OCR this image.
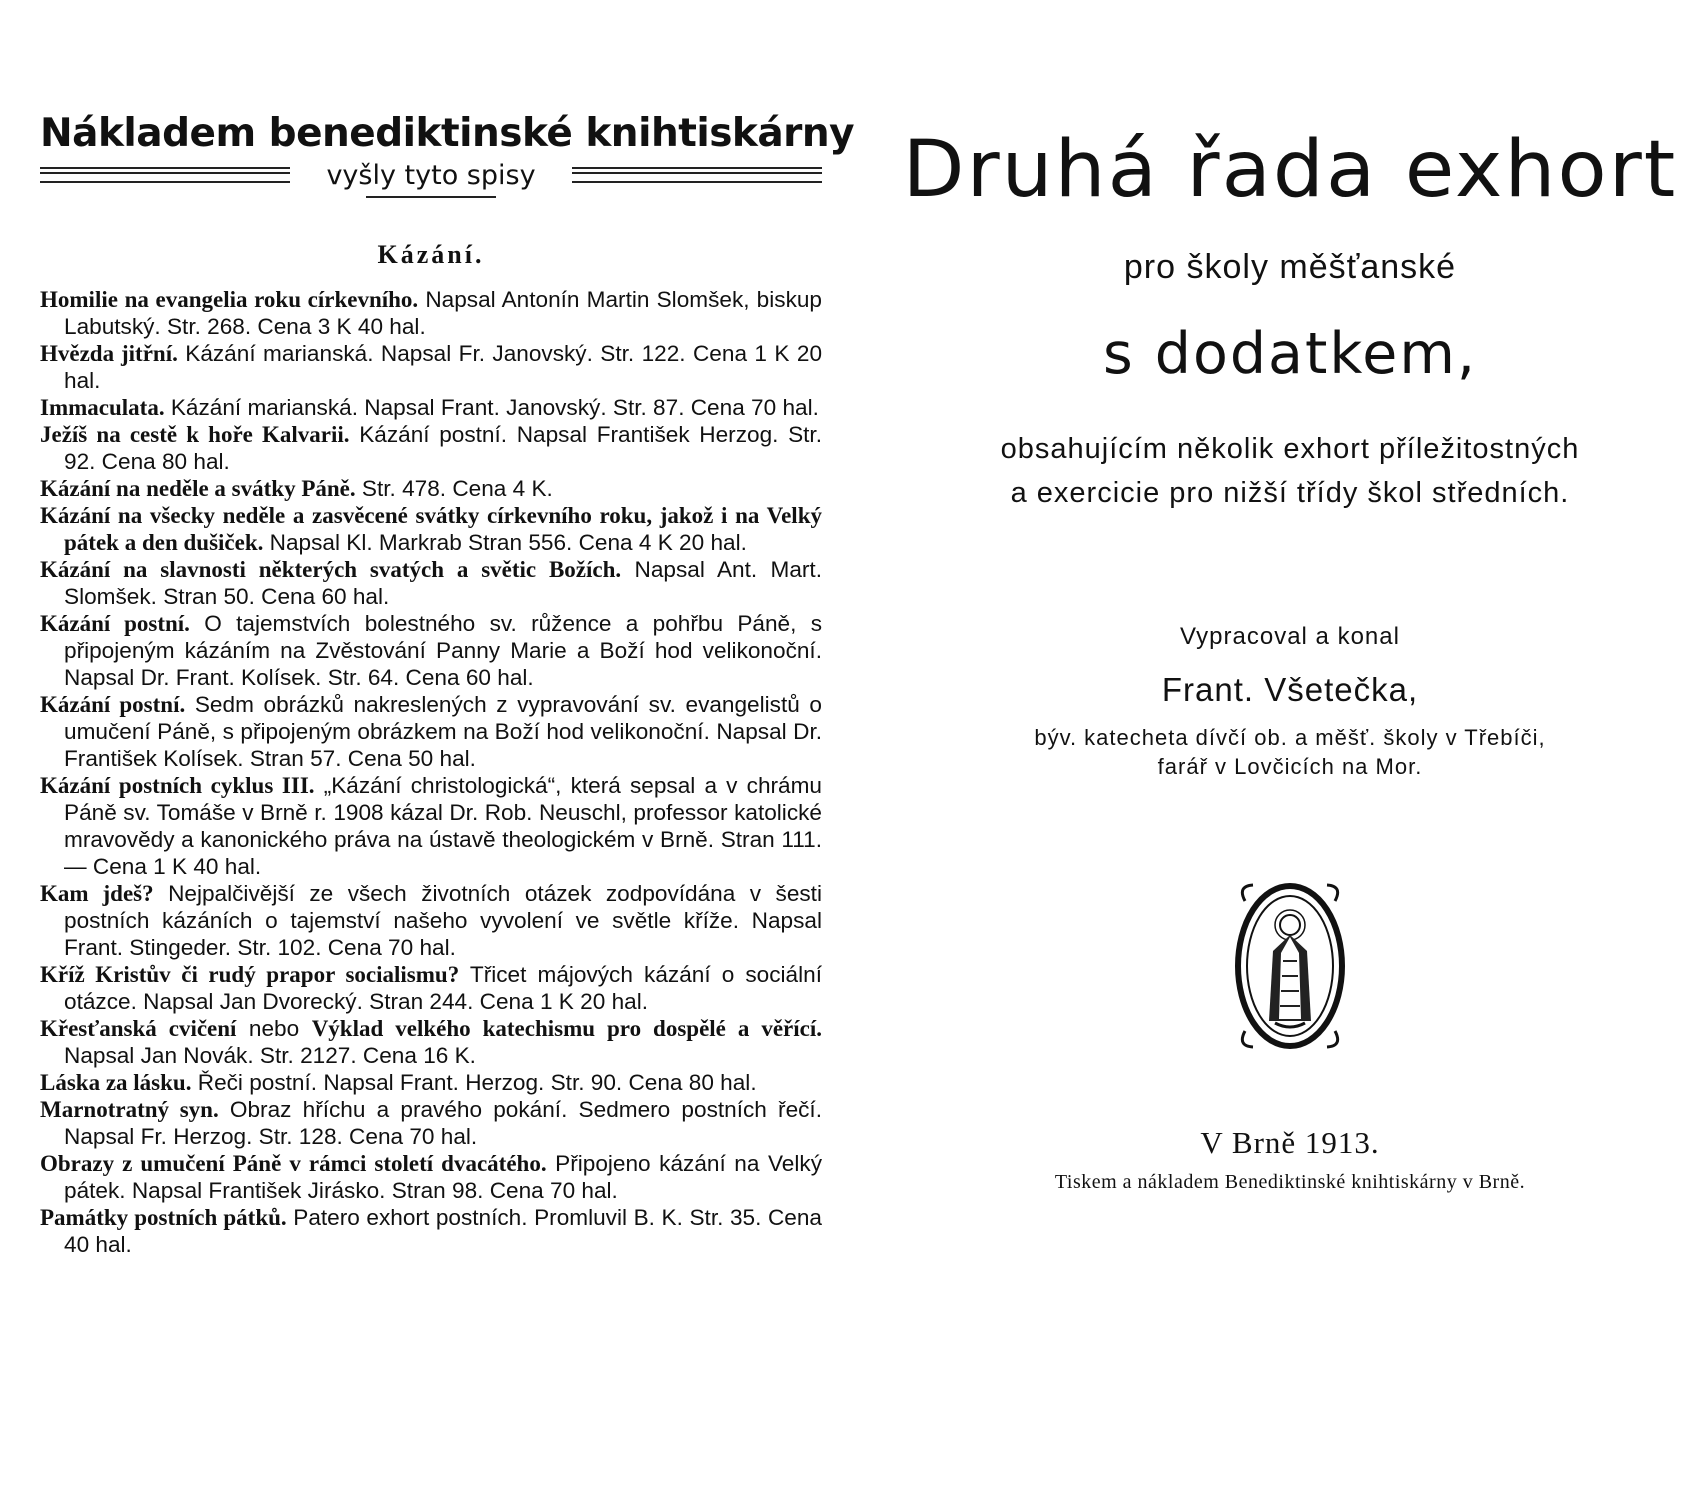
Nákladem benediktinské knihtiskárny
vyšly tyto spisy
Kázání.
Homilie na evangelia roku církevního. Napsal Antonín Martin Slomšek, biskup Labutský. Str. 268. Cena 3 K 40 hal.
Hvězda jitřní. Kázání marianská. Napsal Fr. Janovský. Str. 122. Cena 1 K 20 hal.
Immaculata. Kázání marianská. Napsal Frant. Janovský. Str. 87. Cena 70 hal.
Ježíš na cestě k hoře Kalvarii. Kázání postní. Napsal František Herzog. Str. 92. Cena 80 hal.
Kázání na neděle a svátky Páně. Str. 478. Cena 4 K.
Kázání na všecky neděle a zasvěcené svátky církevního roku, jakož i na Velký pátek a den dušiček. Napsal Kl. Markrab Stran 556. Cena 4 K 20 hal.
Kázání na slavnosti některých svatých a světic Božích. Napsal Ant. Mart. Slomšek. Stran 50. Cena 60 hal.
Kázání postní. O tajemstvích bolestného sv. růžence a pohřbu Páně, s připojeným kázáním na Zvěstování Panny Marie a Boží hod velikonoční. Napsal Dr. Frant. Kolísek. Str. 64. Cena 60 hal.
Kázání postní. Sedm obrázků nakreslených z vypravování sv. evangelistů o umučení Páně, s připojeným obrázkem na Boží hod velikonoční. Napsal Dr. František Kolísek. Stran 57. Cena 50 hal.
Kázání postních cyklus III. „Kázání christologická“, která sepsal a v chrámu Páně sv. Tomáše v Brně r. 1908 kázal Dr. Rob. Neuschl, professor katolické mravovědy a kanonického práva na ústavě theologickém v Brně. Stran 111. — Cena 1 K 40 hal.
Kam jdeš? Nejpalčivější ze všech životních otázek zodpovídána v šesti postních kázáních o tajemství našeho vyvolení ve světle kříže. Napsal Frant. Stingeder. Str. 102. Cena 70 hal.
Kříž Kristův či rudý prapor socialismu? Třicet májových kázání o sociální otázce. Napsal Jan Dvorecký. Stran 244. Cena 1 K 20 hal.
Křesťanská cvičení nebo Výklad velkého katechismu pro dospělé a věřící. Napsal Jan Novák. Str. 2127. Cena 16 K.
Láska za lásku. Řeči postní. Napsal Frant. Herzog. Str. 90. Cena 80 hal.
Marnotratný syn. Obraz hříchu a pravého pokání. Sedmero postních řečí. Napsal Fr. Herzog. Str. 128. Cena 70 hal.
Obrazy z umučení Páně v rámci století dvacátého. Připojeno kázání na Velký pátek. Napsal František Jirásko. Stran 98. Cena 70 hal.
Památky postních pátků. Patero exhort postních. Promluvil B. K. Str. 35. Cena 40 hal.
Druhá řada exhort
pro školy měšťanské
s dodatkem,
obsahujícím několik exhort příležitostných
a exercicie pro nižší třídy škol středních.
Vypracoval a konal
Frant. Všetečka,
býv. katecheta dívčí ob. a měšť. školy v Třebíči,
farář v Lovčicích na Mor.
V Brně 1913.
Tiskem a nákladem Benediktinské knihtiskárny v Brně.
